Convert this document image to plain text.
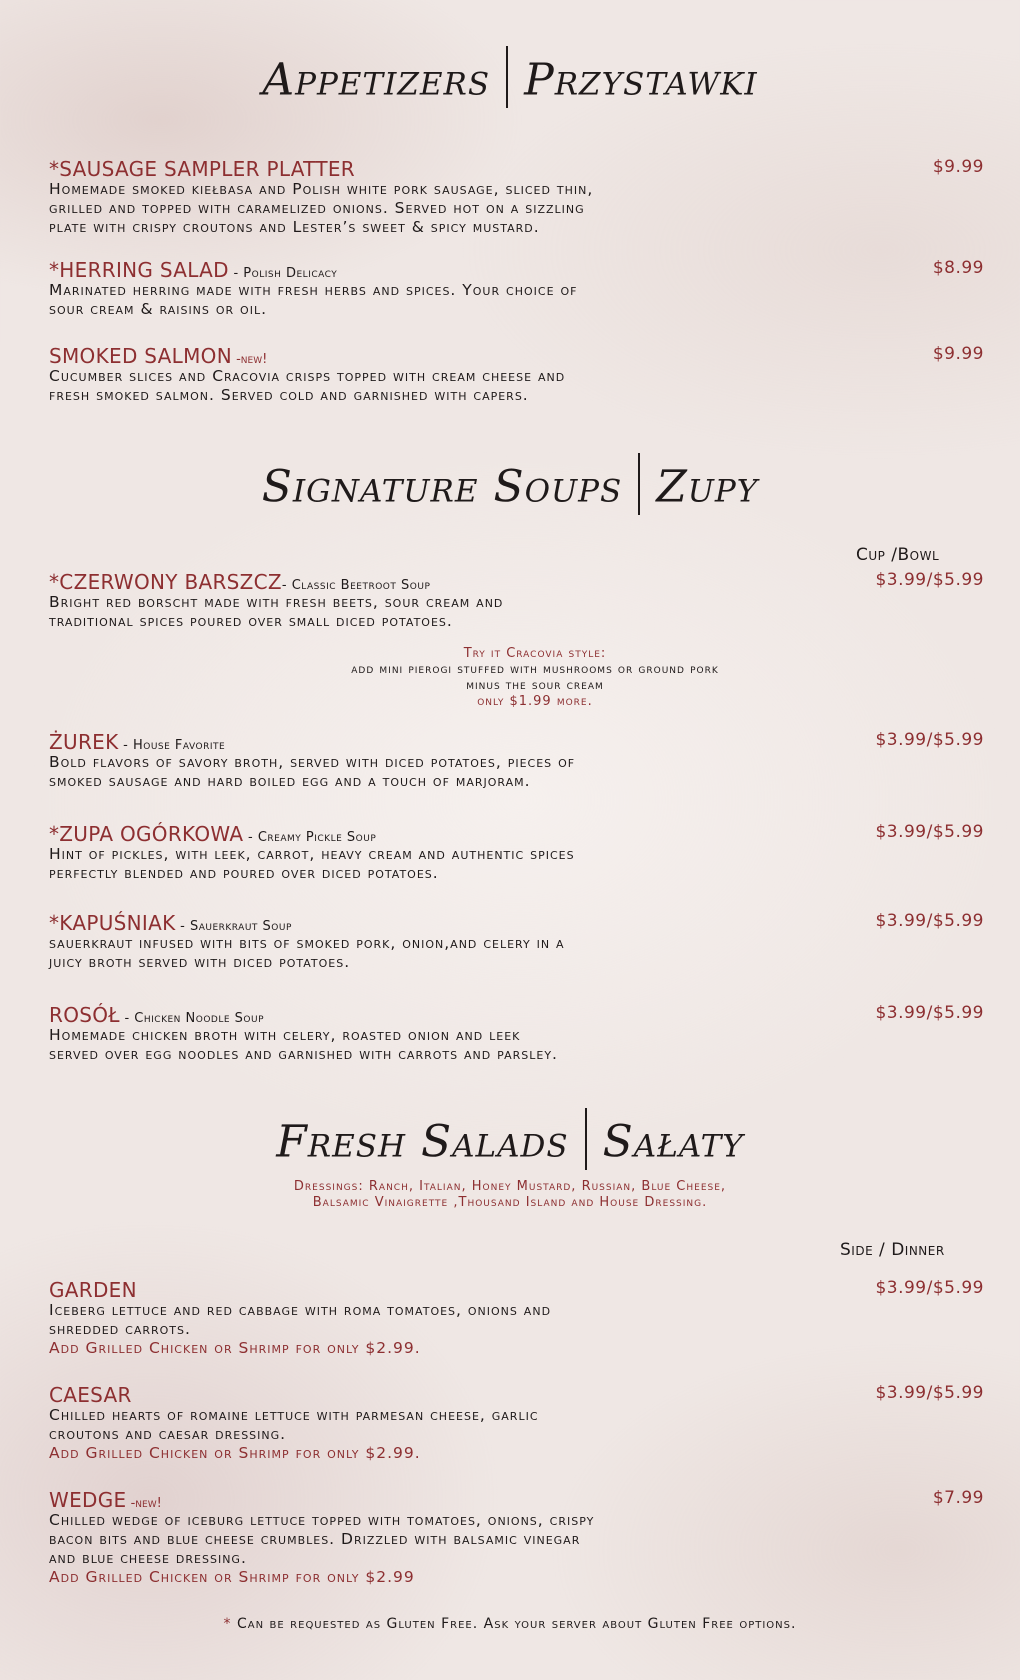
Appetizers Przystawki
*SAUSAGE SAMPLER PLATTER	$9.99
Homemade smoked kiełbasa and Polish white pork sausage, sliced thin,
grilled and topped with caramelized onions. Served hot on a sizzling
plate with crispy croutons and Lester’s sweet & spicy mustard.
*HERRING SALAD - Polish Delicacy	$8.99
Marinated herring made with fresh herbs and spices. Your choice of
sour cream & raisins or oil.
SMOKED SALMON -new!	$9.99
Cucumber slices and Cracovia crisps topped with cream cheese and
fresh smoked salmon. Served cold and garnished with capers.
Signature Soups Zupy
Cup /Bowl
*CZERWONY BARSZCZ- Classic Beetroot Soup	$3.99/$5.99
Bright red borscht made with fresh beets, sour cream and
traditional spices poured over small diced potatoes.
Try it Cracovia style:
add mini pierogi stuffed with mushrooms or ground pork
minus the sour cream
only $1.99 more.
ŻUREK - House Favorite	$3.99/$5.99
Bold flavors of savory broth, served with diced potatoes, pieces of
smoked sausage and hard boiled egg and a touch of marjoram.
*ZUPA OGÓRKOWA - Creamy Pickle Soup	$3.99/$5.99
Hint of pickles, with leek, carrot, heavy cream and authentic spices
perfectly blended and poured over diced potatoes.
*KAPUŚNIAK - Sauerkraut Soup	$3.99/$5.99
sauerkraut infused with bits of smoked pork, onion,and celery in a
juicy broth served with diced potatoes.
ROSÓŁ - Chicken Noodle Soup	$3.99/$5.99
Homemade chicken broth with celery, roasted onion and leek
served over egg noodles and garnished with carrots and parsley.
Fresh Salads Sałaty
Dressings: Ranch, Italian, Honey Mustard, Russian, Blue Cheese,
Balsamic Vinaigrette ,Thousand Island and House Dressing.
Side / Dinner
GARDEN	$3.99/$5.99
Iceberg lettuce and red cabbage with roma tomatoes, onions and
shredded carrots.
Add Grilled Chicken or Shrimp for only $2.99.
CAESAR	$3.99/$5.99
Chilled hearts of romaine lettuce with parmesan cheese, garlic
croutons and caesar dressing.
Add Grilled Chicken or Shrimp for only $2.99.
WEDGE -new!	$7.99
Chilled wedge of iceburg lettuce topped with tomatoes, onions, crispy
bacon bits and blue cheese crumbles. Drizzled with balsamic vinegar
and blue cheese dressing.
Add Grilled Chicken or Shrimp for only $2.99
* Can be requested as Gluten Free. Ask your server about Gluten Free options.
